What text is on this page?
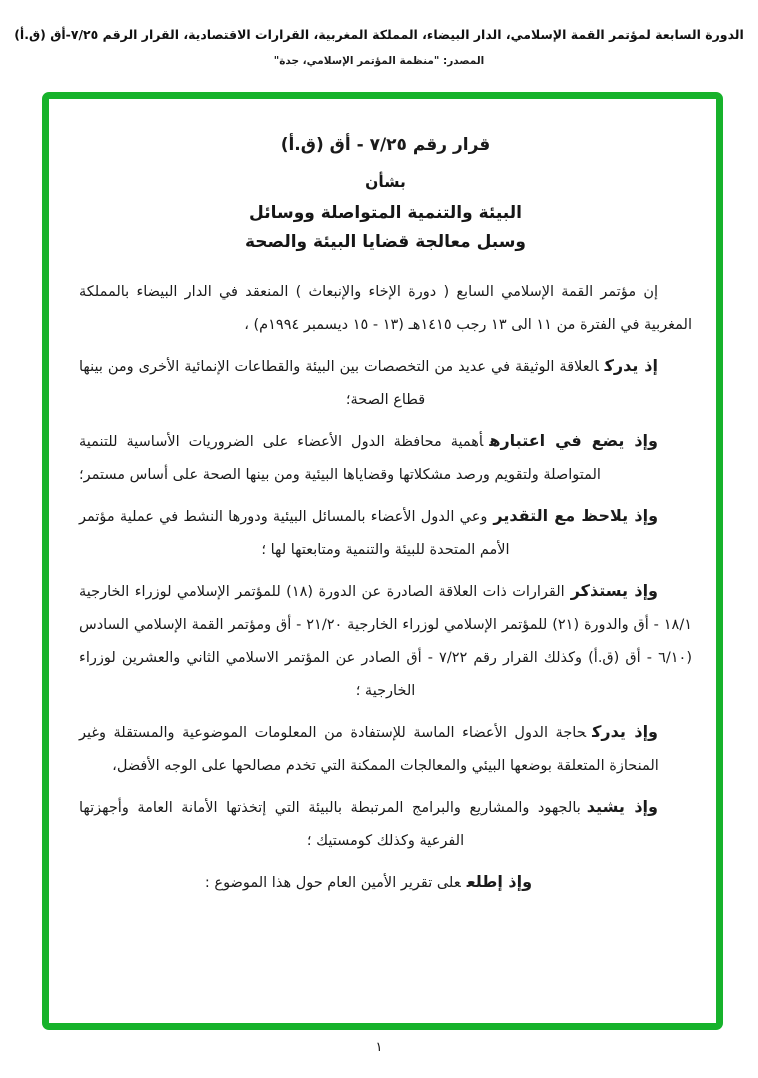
الدورة السابعة لمؤتمر القمة الإسلامي، الدار البيضاء، المملكة المغربية، القرارات الاقتصادية، القرار الرقم ٧/٢٥-أق (ق.أ)
المصدر: "منظمة المؤتمر الإسلامي، جدة"
قرار رقم ٧/٢٥ - أق (ق.أ)
بشأن
البيئة والتنمية المتواصلة ووسائل
وسبل معالجة قضايا البيئة والصحة

إن مؤتمر القمة الإسلامي السابع ( دورة الإخاء والإنبعاث ) المنعقد في الدار البيضاء بالمملكة المغربية في الفترة من ١١ الى ١٣ رجب ١٤١٥هـ (١٣ - ١٥ ديسمبر ١٩٩٤م) ،

إذ يدركالعلاقة الوثيقة في عديد من التخصصات بين البيئة والقطاعات الإنمائية الأخرى ومن بينها قطاع الصحة؛

وإذ يضع في اعتبارهأهمية محافظة الدول الأعضاء على الضروريات الأساسية للتنمية المتواصلة ولتقويم ورصد مشكلاتها وقضاياها البيئية ومن بينها الصحة على أساس مستمر؛

وإذ يلاحظ مع التقديروعي الدول الأعضاء بالمسائل البيئية ودورها النشط في عملية مؤتمر الأمم المتحدة للبيئة والتنمية ومتابعتها لها ؛

وإذ يستذكرالقرارات ذات العلاقة الصادرة عن الدورة (١٨) للمؤتمر الإسلامي لوزراء الخارجية ١٨/١ - أق والدورة (٢١) للمؤتمر الإسلامي لوزراء الخارجية ٢١/٢٠ - أق ومؤتمر القمة الإسلامي السادس (٦/١٠ - أق (ق.أ) وكذلك القرار رقم ٧/٢٢ - أق الصادر عن المؤتمر الاسلامي الثاني والعشرين لوزراء الخارجية ؛

وإذ يدركحاجة الدول الأعضاء الماسة للإستفادة من المعلومات الموضوعية والمستقلة وغير المنحازة المتعلقة بوضعها البيئي والمعالجات الممكنة التي تخدم مصالحها على الوجه الأفضل،

وإذ يشيدبالجهود والمشاريع والبرامج المرتبطة بالبيئة التي إتخذتها الأمانة العامة وأجهزتها الفرعية وكذلك كومستيك ؛

وإذ إطلععلى تقرير الأمين العام حول هذا الموضوع :

١
